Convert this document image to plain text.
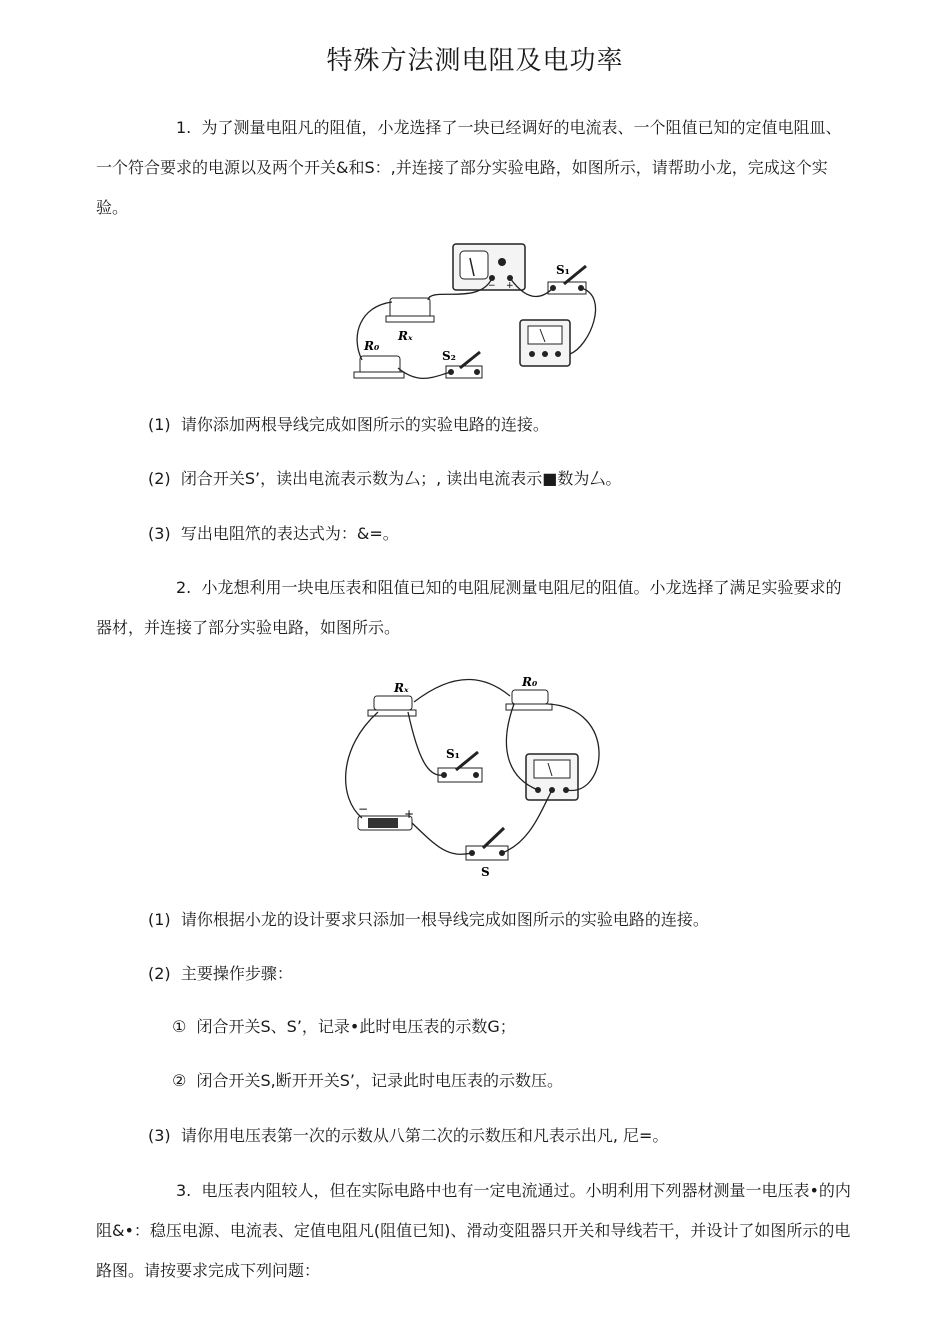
特殊方法测电阻及电功率
1. 为了测量电阻凡的阻值，小龙选择了一块已经调好的电流表、一个阻值已知的定值电阻皿、一个符合要求的电源以及两个开关&和S：,并连接了部分实验电路，如图所示，请帮助小龙，完成这个实验。
− +
S₁
Rₓ
R₀
S₂
(1) 请你添加两根导线完成如图所示的实验电路的连接。
(2) 闭合开关S’，读出电流表示数为厶；, 读出电流表示■数为厶。
(3) 写出电阻笊的表达式为：&=。
2. 小龙想利用一块电压表和阻值已知的电阻屁测量电阻尼的阻值。小龙选择了满足实验要求的器材，并连接了部分实验电路，如图所示。
Rₓ	R₀
S₁
−	+
S
(1) 请你根据小龙的设计要求只添加一根导线完成如图所示的实验电路的连接。
(2) 主要操作步骤：
① 闭合开关S、S’，记录•此时电压表的示数G；
② 闭合开关S,断开开关S’，记录此时电压表的示数压。
(3) 请你用电压表第一次的示数从八第二次的示数压和凡表示出凡, 尼=。
3. 电压表内阻较人，但在实际电路中也有一定电流通过。小明利用下列器材测量一电压表•的内阻&•：稳压电源、电流表、定值电阻凡(阻值已知)、滑动变阻器只开关和导线若干，并设计了如图所示的电路图。请按要求完成下列问题：
